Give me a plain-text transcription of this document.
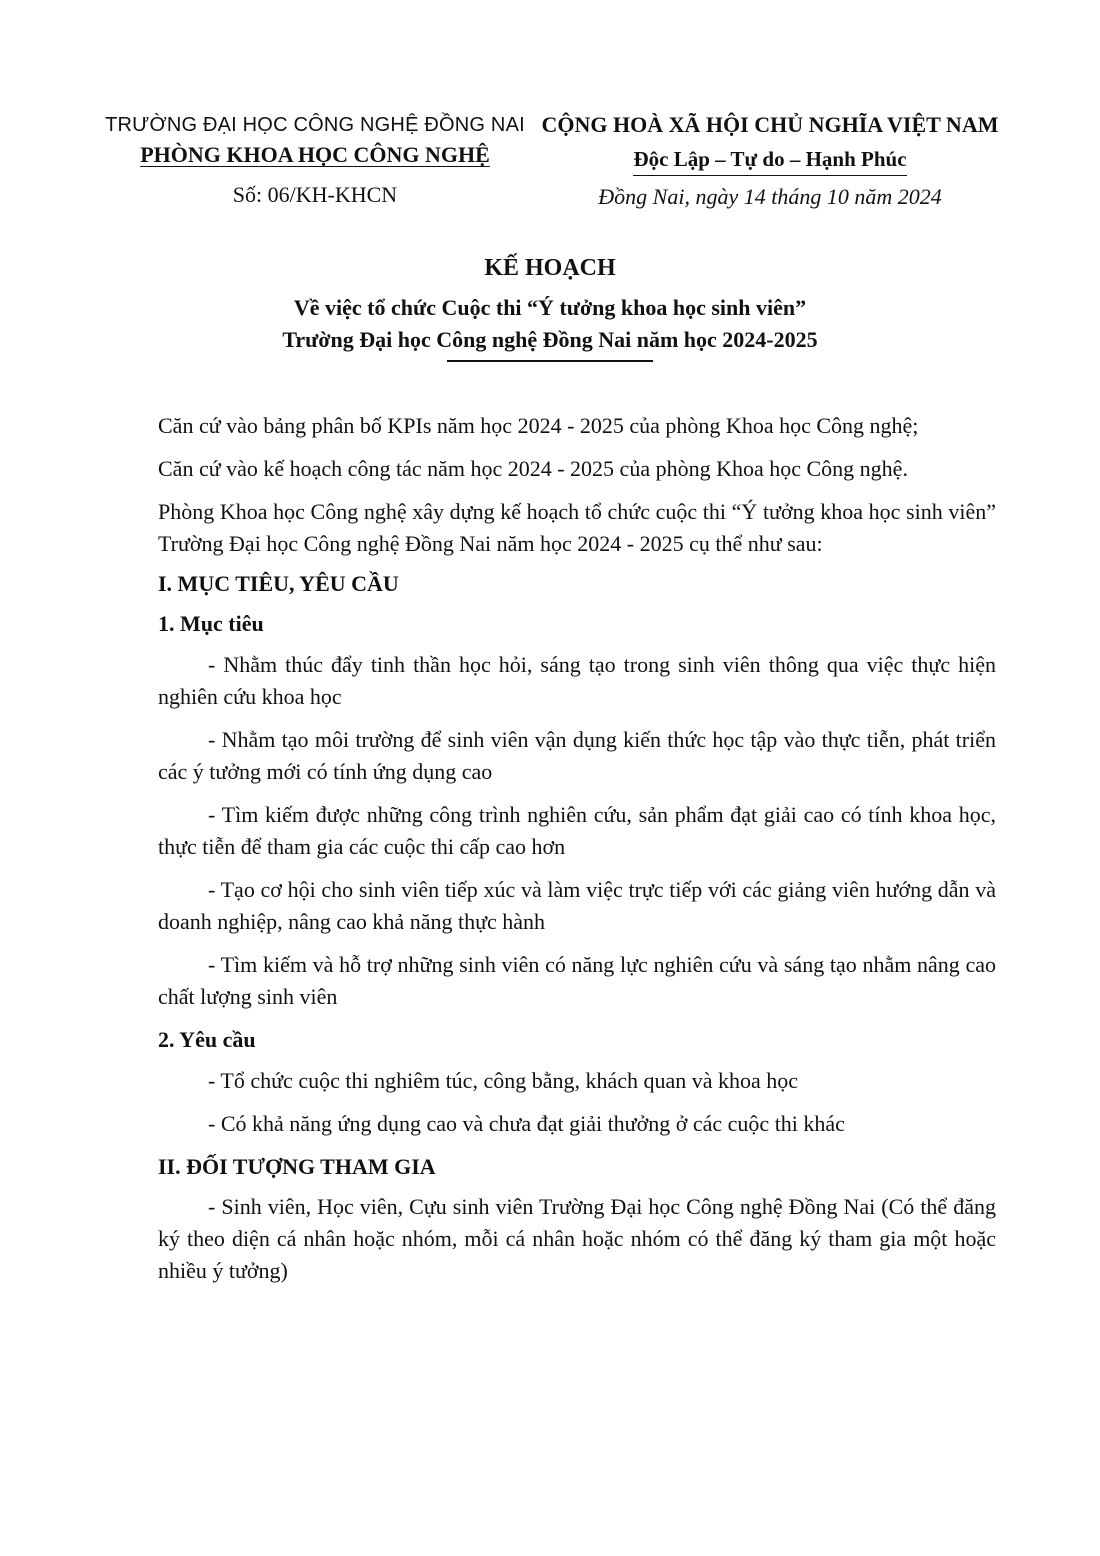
TRƯỜNG ĐẠI HỌC CÔNG NGHỆ ĐỒNG NAI
PHÒNG KHOA HỌC CÔNG NGHỆ
Số: 06/KH-KHCN
CỘNG HOÀ XÃ HỘI CHỦ NGHĨA VIỆT NAM
Độc Lập – Tự do – Hạnh Phúc
Đồng Nai, ngày 14 tháng 10 năm 2024
KẾ HOẠCH
Về việc tổ chức Cuộc thi “Ý tưởng khoa học sinh viên”
Trường Đại học Công nghệ Đồng Nai năm học 2024-2025

Căn cứ vào bảng phân bố KPIs năm học 2024 - 2025 của phòng Khoa học Công nghệ;

Căn cứ vào kế hoạch công tác năm học 2024 - 2025 của phòng Khoa học Công nghệ.

Phòng Khoa học Công nghệ xây dựng kế hoạch tổ chức cuộc thi “Ý tưởng khoa học sinh viên” Trường Đại học Công nghệ Đồng Nai năm học 2024 - 2025 cụ thể như sau:

I. MỤC TIÊU, YÊU CẦU

1. Mục tiêu

- Nhằm thúc đẩy tinh thần học hỏi, sáng tạo trong sinh viên thông qua việc thực hiện nghiên cứu khoa học

- Nhằm tạo môi trường để sinh viên vận dụng kiến thức học tập vào thực tiễn, phát triển các ý tưởng mới có tính ứng dụng cao

- Tìm kiếm được những công trình nghiên cứu, sản phẩm đạt giải cao có tính khoa học, thực tiễn để tham gia các cuộc thi cấp cao hơn

- Tạo cơ hội cho sinh viên tiếp xúc và làm việc trực tiếp với các giảng viên hướng dẫn và doanh nghiệp, nâng cao khả năng thực hành

- Tìm kiếm và hỗ trợ những sinh viên có năng lực nghiên cứu và sáng tạo nhằm nâng cao chất lượng sinh viên

2. Yêu cầu

- Tổ chức cuộc thi nghiêm túc, công bằng, khách quan và khoa học

- Có khả năng ứng dụng cao và chưa đạt giải thưởng ở các cuộc thi khác

II. ĐỐI TƯỢNG THAM GIA

- Sinh viên, Học viên, Cựu sinh viên Trường Đại học Công nghệ Đồng Nai (Có thể đăng ký theo diện cá nhân hoặc nhóm, mỗi cá nhân hoặc nhóm có thể đăng ký tham gia một hoặc nhiều ý tưởng)
